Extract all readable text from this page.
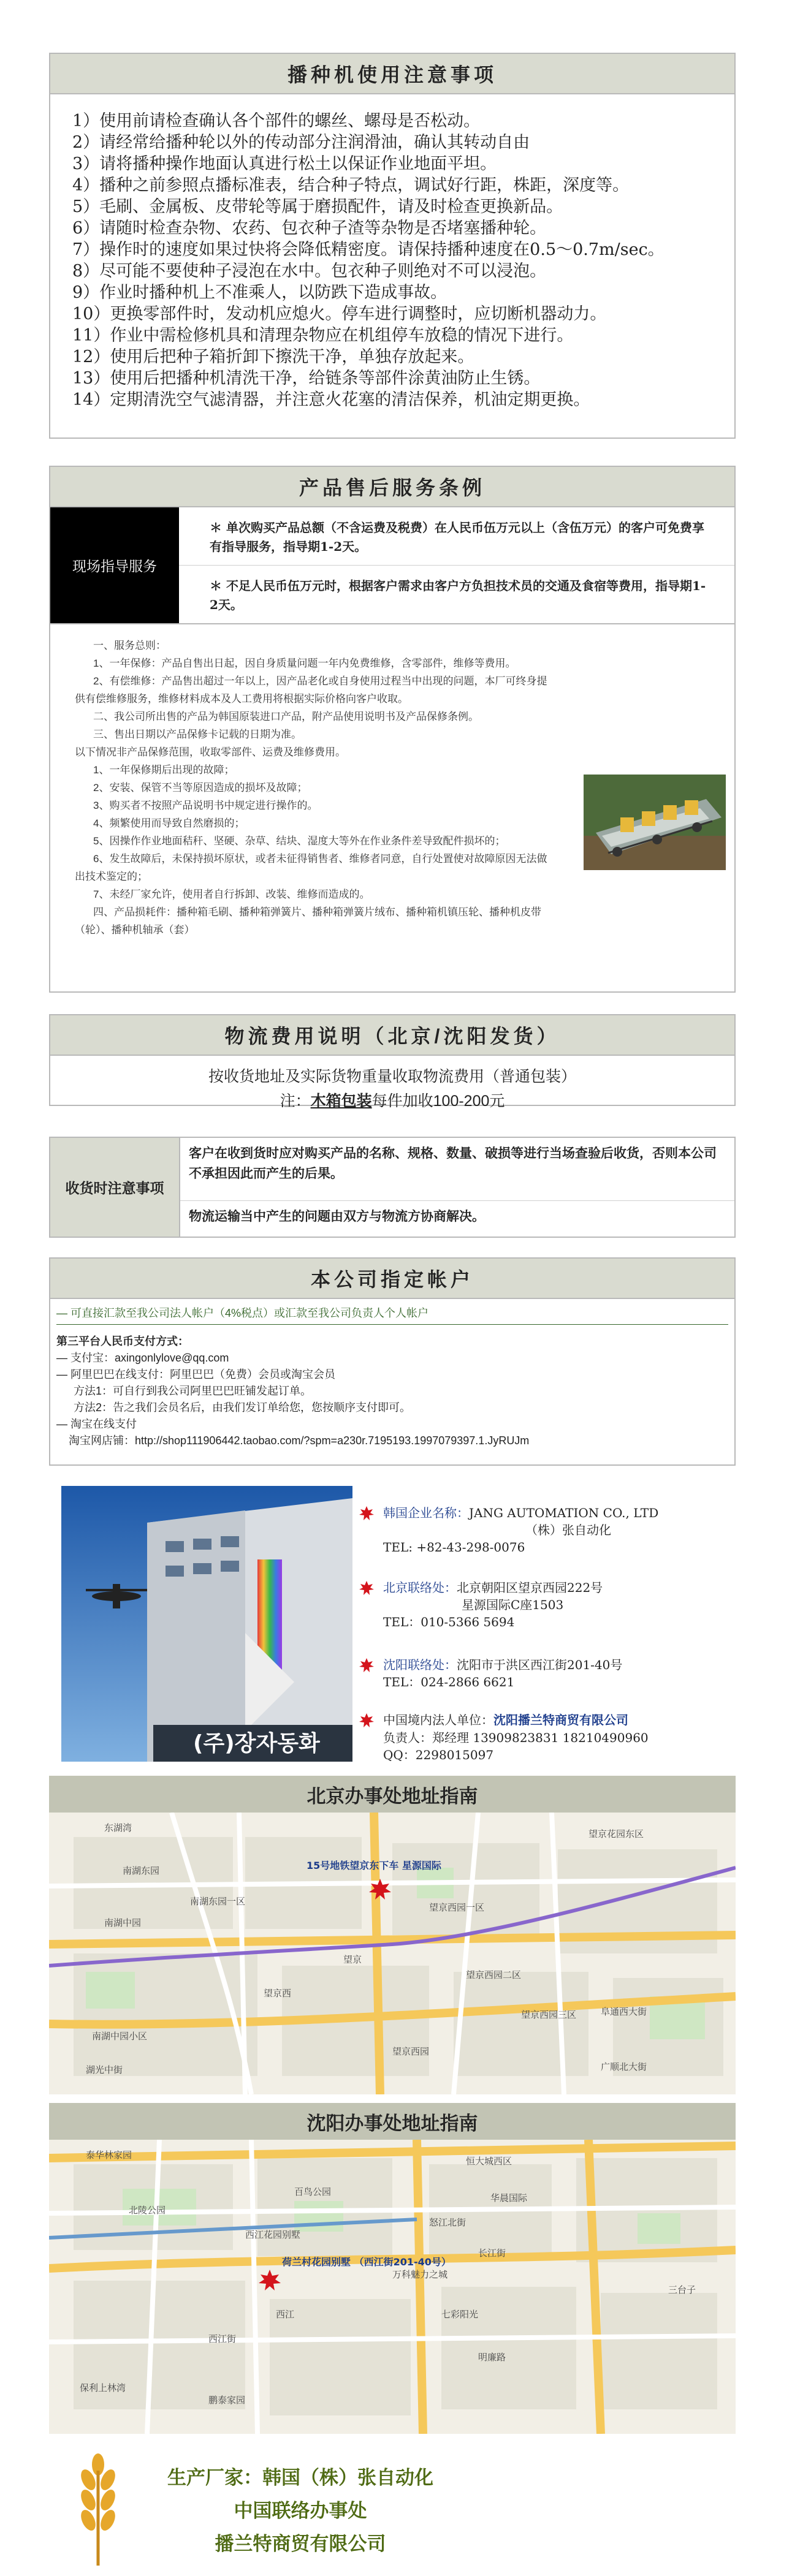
播种机使用注意事项
1）使用前请检查确认各个部件的螺丝、螺母是否松动。
2）请经常给播种轮以外的传动部分注润滑油，确认其转动自由
3）请将播种操作地面认真进行松土以保证作业地面平坦。
4）播种之前参照点播标准表，结合种子特点，调试好行距，株距，深度等。
5）毛刷、金属板、皮带轮等属于磨损配件，请及时检查更换新品。
6）请随时检查杂物、农药、包衣种子渣等杂物是否堵塞播种轮。
7）操作时的速度如果过快将会降低精密度。请保持播种速度在0.5～0.7m/sec。
8）尽可能不要使种子浸泡在水中。包衣种子则绝对不可以浸泡。
9）作业时播种机上不准乘人，以防跌下造成事故。
10）更换零部件时，发动机应熄火。停车进行调整时，应切断机器动力。
11）作业中需检修机具和清理杂物应在机组停车放稳的情况下进行。
12）使用后把种子箱折卸下擦洗干净，单独存放起来。
13）使用后把播种机清洗干净，给链条等部件涂黄油防止生锈。
14）定期清洗空气滤清器，并注意火花塞的清洁保养，机油定期更换。
产品售后服务条例
现场指导服务
＊ 单次购买产品总额（不含运费及税费）在人民币伍万元以上（含伍万元）的客户可免费享有指导服务，指导期1-2天。
＊ 不足人民币伍万元时，根据客户需求由客户方负担技术员的交通及食宿等费用，指导期1-2天。
一、服务总则：
1、一年保修：产品自售出日起，因自身质量问题一年内免费维修，含零部件，维修等费用。
2、有偿维修：产品售出超过一年以上，因产品老化或自身使用过程当中出现的问题，本厂可终身提
供有偿维修服务，维修材料成本及人工费用将根据实际价格向客户收取。
二、我公司所出售的产品为韩国原装进口产品，附产品使用说明书及产品保修条例。
三、售出日期以产品保修卡记载的日期为准。
以下情况非产品保修范围，收取零部件、运费及维修费用。
1、一年保修期后出现的故障；
2、安装、保管不当等原因造成的损坏及故障；
3、购买者不按照产品说明书中规定进行操作的。
4、频繁使用而导致自然磨损的；
5、因操作作业地面秸秆、坚硬、杂草、结块、湿度大等外在作业条件差导致配件损坏的；
6、发生故障后，未保持损坏原状，或者未征得销售者、维修者同意，自行处置使对故障原因无法做
出技术鉴定的；
7、未经厂家允许，使用者自行拆卸、改装、维修而造成的。
四、产品损耗件：播种箱毛刷、播种箱弹簧片、播种箱弹簧片绒布、播种箱机镇压轮、播种机皮带
（轮）、播种机轴承（套）
物流费用说明（北京/沈阳发货）
按收货地址及实际货物重量收取物流费用（普通包装）
注：木箱包装每件加收100-200元
收货时注意事项
客户在收到货时应对购买产品的名称、规格、数量、破损等进行当场查验后收货，否则本公司不承担因此而产生的后果。
物流运输当中产生的问题由双方与物流方协商解决。
本公司指定帐户
— 可直接汇款至我公司法人帐户（4%税点）或汇款至我公司负责人个人帐户
第三平台人民币支付方式：
— 支付宝：axingonlylove@qq.com
— 阿里巴巴在线支付：阿里巴巴（免费）会员或淘宝会员
方法1：可自行到我公司阿里巴巴旺铺发起订单。
方法2：告之我们会员名后，由我们发订单给您，您按顺序支付即可。
— 淘宝在线支付
淘宝网店铺：http://shop111906442.taobao.com/?spm=a230r.7195193.1997079397.1.JyRUJm
(주)장자동화
韩国企业名称：JANG AUTOMATION CO., LTD
（株）张自动化
TEL: +82-43-298-0076
北京联络处：北京朝阳区望京西园222号
星源国际C座1503
TEL：010-5366 5694
沈阳联络处：沈阳市于洪区西江街201-40号
TEL：024-2866 6621
中国境内法人单位：沈阳播兰特商贸有限公司
负责人：郑经理 13909823831 18210490960
QQ：2298015097
北京办事处地址指南
东湖湾
望京花园东区
南湖东园
南湖东园一区
南湖中园
望京西园一区
望京西园二区
望京西园三区
南湖中园小区
湖光中街
望京
望京西
望京西园
阜通西大街
广顺北大街
15号地铁望京东下车 星源国际
沈阳办事处地址指南
泰华林家园
北陵公园
百鸟公园
怒江北街
西江
西江街
恒大城西区
长江街
七彩阳光
保利上林湾
鹏泰家园
三台子
华晨国际
西江花园别墅
明廉路
万科魅力之城
荷兰村花园别墅 （西江街201-40号）
生产厂家：韩国（株）张自动化
中国联络办事处
播兰特商贸有限公司
